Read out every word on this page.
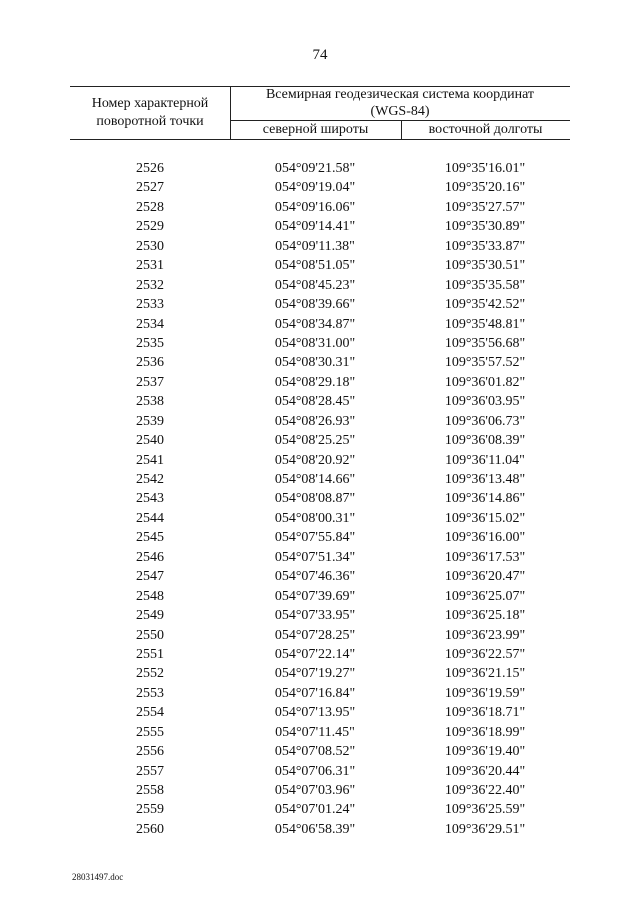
74
Номер характерной поворотной точки
Всемирная геодезическая система координат
(WGS-84)
северной широты	восточной долготы
2526	054°09'21.58"	109°35'16.01"
2527	054°09'19.04"	109°35'20.16"
2528	054°09'16.06"	109°35'27.57"
2529	054°09'14.41"	109°35'30.89"
2530	054°09'11.38"	109°35'33.87"
2531	054°08'51.05"	109°35'30.51"
2532	054°08'45.23"	109°35'35.58"
2533	054°08'39.66"	109°35'42.52"
2534	054°08'34.87"	109°35'48.81"
2535	054°08'31.00"	109°35'56.68"
2536	054°08'30.31"	109°35'57.52"
2537	054°08'29.18"	109°36'01.82"
2538	054°08'28.45"	109°36'03.95"
2539	054°08'26.93"	109°36'06.73"
2540	054°08'25.25"	109°36'08.39"
2541	054°08'20.92"	109°36'11.04"
2542	054°08'14.66"	109°36'13.48"
2543	054°08'08.87"	109°36'14.86"
2544	054°08'00.31"	109°36'15.02"
2545	054°07'55.84"	109°36'16.00"
2546	054°07'51.34"	109°36'17.53"
2547	054°07'46.36"	109°36'20.47"
2548	054°07'39.69"	109°36'25.07"
2549	054°07'33.95"	109°36'25.18"
2550	054°07'28.25"	109°36'23.99"
2551	054°07'22.14"	109°36'22.57"
2552	054°07'19.27"	109°36'21.15"
2553	054°07'16.84"	109°36'19.59"
2554	054°07'13.95"	109°36'18.71"
2555	054°07'11.45"	109°36'18.99"
2556	054°07'08.52"	109°36'19.40"
2557	054°07'06.31"	109°36'20.44"
2558	054°07'03.96"	109°36'22.40"
2559	054°07'01.24"	109°36'25.59"
2560	054°06'58.39"	109°36'29.51"
28031497.doc
